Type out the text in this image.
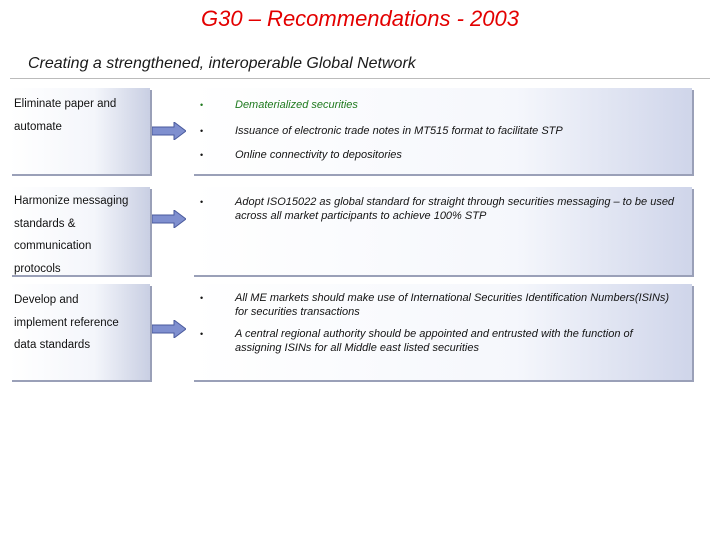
G30 – Recommendations - 2003
Creating a strengthened, interoperable Global Network
Eliminate paper and
automate
•	Dematerialized securities
•	Issuance of electronic trade notes in MT515 format to facilitate STP
•	Online connectivity to depositories
Harmonize messaging
standards &
communication
protocols
•	Adopt ISO15022 as global standard for straight through securities messaging – to be used across all market participants to achieve 100% STP
Develop and
implement reference
data standards
•	All ME markets should make use of International Securities Identification Numbers(ISINs) for securities transactions
•	A central regional authority should be appointed and entrusted with the function of assigning ISINs for all Middle east listed securities
